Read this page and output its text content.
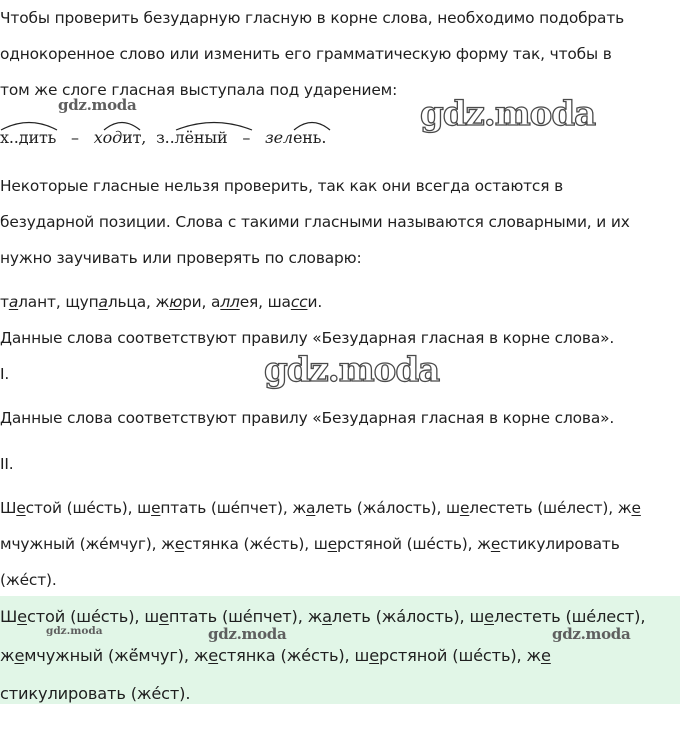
Чтобы проверить безударную гласную в корне слова, необходимо подобрать
однокоренное слово или изменить его грамматическую форму так, чтобы в
том же слоге гласная выступала под ударением:
х..дить – ходит, з..лёный – зелень.
Некоторые гласные нельзя проверить, так как они всегда остаются в
безударной позиции. Слова с такими гласными называются словарными, и их
нужно заучивать или проверять по словарю:
талант, щупальца, жюри, аллея, шасси.
Данные слова соответствуют правилу «Безударная гласная в корне слова».
I.
Данные слова соответствуют правилу «Безударная гласная в корне слова».
II.
Шестой (ше́сть), шептать (ше́пчет), жалеть (жа́лость), шелестеть (ше́лест), же
мчужный (же́мчуг), жестянка (же́сть), шерстяной (ше́сть), жестикулировать
(же́ст).
Шестой (ше́сть), шептать (ше́пчет), жалеть (жа́лость), шелестеть (ше́лест),
жемчужный (жё́мчуг), жестянка (же́сть), шерстяной (ше́сть), же
стикулировать (же́ст).
gdz.moda	gdz.moda
gdz.moda
gdz.moda	gdz.moda	gdz.moda
